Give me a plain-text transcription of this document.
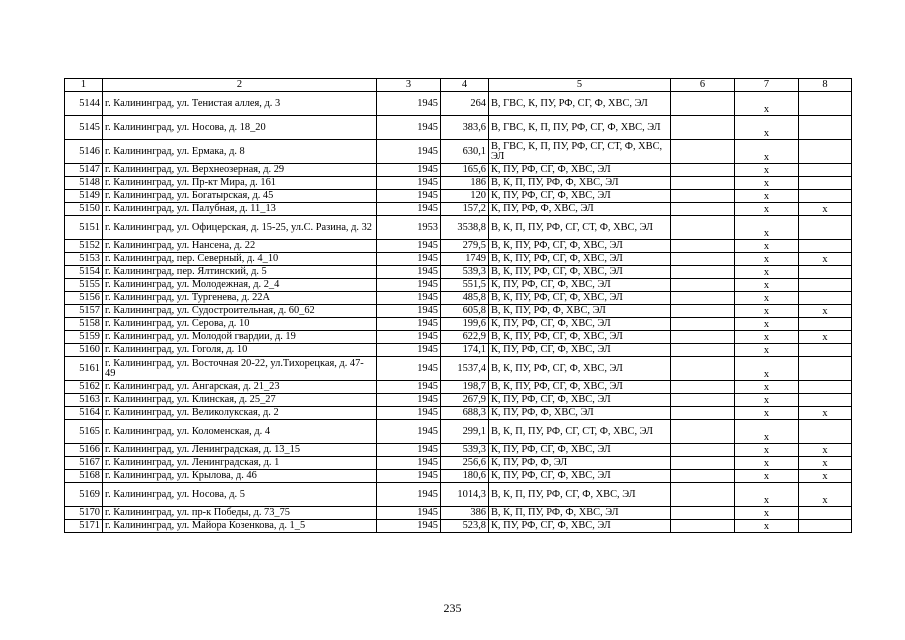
1	2	3	4	5	6	7	8
5144	г. Калининград, ул. Тенистая аллея, д. 3	1945	264	В, ГВС, К, ПУ, РФ, СГ, Ф, ХВС, ЭЛ		х	
5145	г. Калининград, ул. Носова, д. 18_20	1945	383,6	В, ГВС, К, П, ПУ, РФ, СГ, Ф, ХВС, ЭЛ		х	
5146	г. Калининград, ул. Ермака, д. 8	1945	630,1	В, ГВС, К, П, ПУ, РФ, СГ, СТ, Ф, ХВС, ЭЛ		х	
5147	г. Калининград, ул. Верхнеозерная, д. 29	1945	165,6	К, ПУ, РФ, СГ, Ф, ХВС, ЭЛ		х	
5148	г. Калининград, ул. Пр-кт Мира, д. 161	1945	186	В, К, П, ПУ, РФ, Ф, ХВС, ЭЛ		х	
5149	г. Калининград, ул. Богатырская, д. 45	1945	120	К, ПУ, РФ, СГ, Ф, ХВС, ЭЛ		х	
5150	г. Калининград, ул. Палубная, д. 11_13	1945	157,2	К, ПУ, РФ, Ф, ХВС, ЭЛ		х	х
5151	г. Калининград, ул. Офицерская, д. 15-25, ул.С. Разина, д. 32	1953	3538,8	В, К, П, ПУ, РФ, СГ, СТ, Ф, ХВС, ЭЛ		х	
5152	г. Калининград, ул. Нансена, д. 22	1945	279,5	В, К, ПУ, РФ, СГ, Ф, ХВС, ЭЛ		х	
5153	г. Калининград, пер. Северный, д. 4_10	1945	1749	В, К, ПУ, РФ, СГ, Ф, ХВС, ЭЛ		х	х
5154	г. Калининград, пер. Ялтинский, д. 5	1945	539,3	В, К, ПУ, РФ, СГ, Ф, ХВС, ЭЛ		х	
5155	г. Калининград, ул. Молодежная, д. 2_4	1945	551,5	К, ПУ, РФ, СГ, Ф, ХВС, ЭЛ		х	
5156	г. Калининград, ул. Тургенева, д. 22А	1945	485,8	В, К, ПУ, РФ, СГ, Ф, ХВС, ЭЛ		х	
5157	г. Калининград, ул. Судостроительная, д. 60_62	1945	605,8	В, К, ПУ, РФ, Ф, ХВС, ЭЛ		х	х
5158	г. Калининград, ул. Серова, д. 10	1945	199,6	К, ПУ, РФ, СГ, Ф, ХВС, ЭЛ		х	
5159	г. Калининград, ул. Молодой гвардии, д. 19	1945	622,9	В, К, ПУ, РФ, СГ, Ф, ХВС, ЭЛ		х	х
5160	г. Калининград, ул. Гоголя, д. 10	1945	174,1	К, ПУ, РФ, СГ, Ф, ХВС, ЭЛ		х	
5161	г. Калининград, ул. Восточная 20-22, ул.Тихорецкая, д. 47-49	1945	1537,4	В, К, ПУ, РФ, СГ, Ф, ХВС, ЭЛ		х	
5162	г. Калининград, ул. Ангарская, д. 21_23	1945	198,7	В, К, ПУ, РФ, СГ, Ф, ХВС, ЭЛ		х	
5163	г. Калининград, ул. Клинская, д. 25_27	1945	267,9	К, ПУ, РФ, СГ, Ф, ХВС, ЭЛ		х	
5164	г. Калининград, ул. Великолукская, д. 2	1945	688,3	К, ПУ, РФ, Ф, ХВС, ЭЛ		х	х
5165	г. Калининград, ул. Коломенская, д. 4	1945	299,1	В, К, П, ПУ, РФ, СГ, СТ, Ф, ХВС, ЭЛ		х	
5166	г. Калининград, ул. Ленинградская, д. 13_15	1945	539,3	К, ПУ, РФ, СГ, Ф, ХВС, ЭЛ		х	х
5167	г. Калининград, ул. Ленинградская, д. 1	1945	256,6	К, ПУ, РФ, Ф, ЭЛ		х	х
5168	г. Калининград, ул. Крылова, д. 46	1945	180,6	К, ПУ, РФ, СГ, Ф, ХВС, ЭЛ		х	х
5169	г. Калининград, ул. Носова, д. 5	1945	1014,3	В, К, П, ПУ, РФ, СГ, Ф, ХВС, ЭЛ		х	х
5170	г. Калининград, ул. пр-к Победы, д. 73_75	1945	386	В, К, П, ПУ, РФ, Ф, ХВС, ЭЛ		х	
5171	г. Калининград, ул. Майора Козенкова, д. 1_5	1945	523,8	К, ПУ, РФ, СГ, Ф, ХВС, ЭЛ		х	
235
